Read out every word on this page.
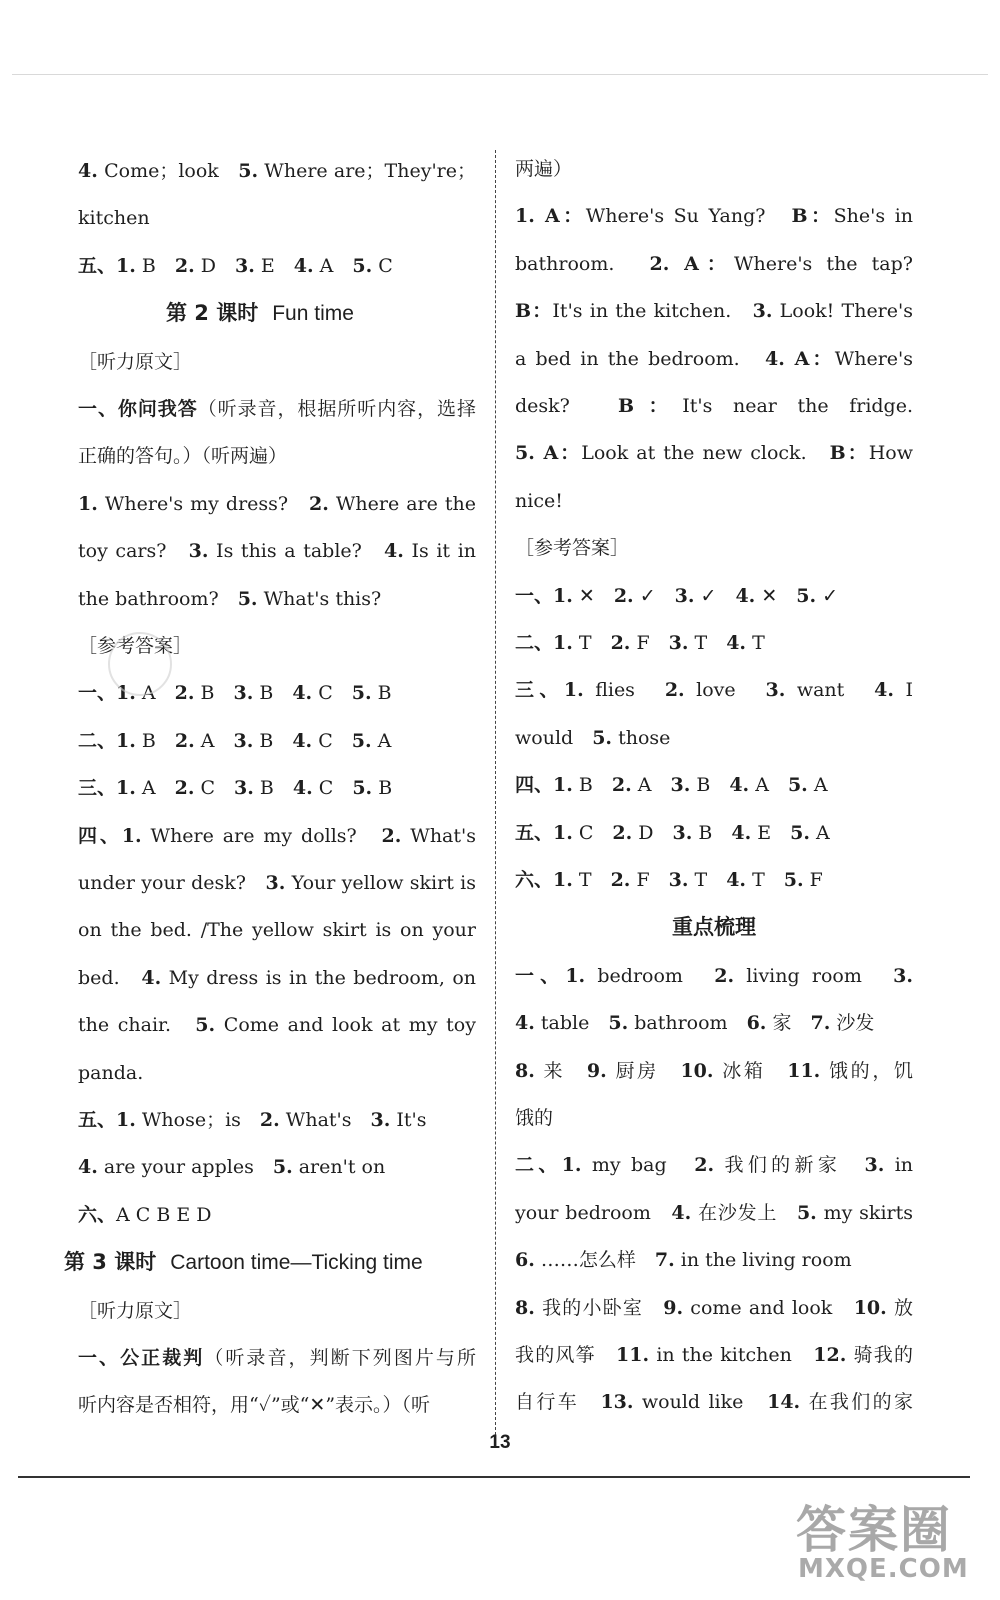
4. Come；look　5. Where are；They're；
kitchen
五、1. B　2. D　3. E　4. A　5. C
第 2 课时 Fun time
［听力原文］
一、你问我答（听录音，根据所听内容，选择
正确的答句。）（听两遍）
1. Where's my dress?　2. Where are the
toy cars?　3. Is this a table?　4. Is it in
the bathroom?　5. What's this?
［参考答案］
一、1. A　2. B　3. B　4. C　5. B
二、1. B　2. A　3. B　4. C　5. A
三、1. A　2. C　3. B　4. C　5. B
四、1. Where are my dolls?　2. What's
under your desk?　3. Your yellow skirt is
on the bed. /The yellow skirt is on your
bed.　4. My dress is in the bedroom, on
the chair.　5. Come and look at my toy
panda.
五、1. Whose；is　2. What's　3. It's
4. are your apples　5. aren't on
六、A C B E D
第 3 课时 Cartoon time—Ticking time
［听力原文］
一、公正裁判（听录音，判断下列图片与所
听内容是否相符，用“✓”或“✕”表示。）（听
两遍）
1. A：Where's Su Yang?　B：She's in
bathroom.　2. A：Where's the tap?
B：It's in the kitchen.　3. Look! There's
a bed in the bedroom.　4. A：Where's
desk?　B：It's near the fridge.
5. A：Look at the new clock.　B：How
nice!
［参考答案］
一、1. ✕　2. ✓　3. ✓　4. ✕　5. ✓
二、1. T　2. F　3. T　4. T
三、1. flies　2. love　3. want　4. I
would　5. those
四、1. B　2. A　3. B　4. A　5. A
五、1. C　2. D　3. B　4. E　5. A
六、1. T　2. F　3. T　4. T　5. F
重点梳理
一、1. bedroom　2. living room　3.
4. table　5. bathroom　6. 家　7. 沙发
8. 来　9. 厨房　10. 冰箱　11. 饿的，饥
饿的
二、1. my bag　2. 我们的新家　3. in
your bedroom　4. 在沙发上　5. my skirts
6. ……怎么样　7. in the living room
8. 我的小卧室　9. come and look　10. 放
我的风筝　11. in the kitchen　12. 骑我的
自行车　13. would like　14. 在我们的家
13
答案圈
MXQE.COM
